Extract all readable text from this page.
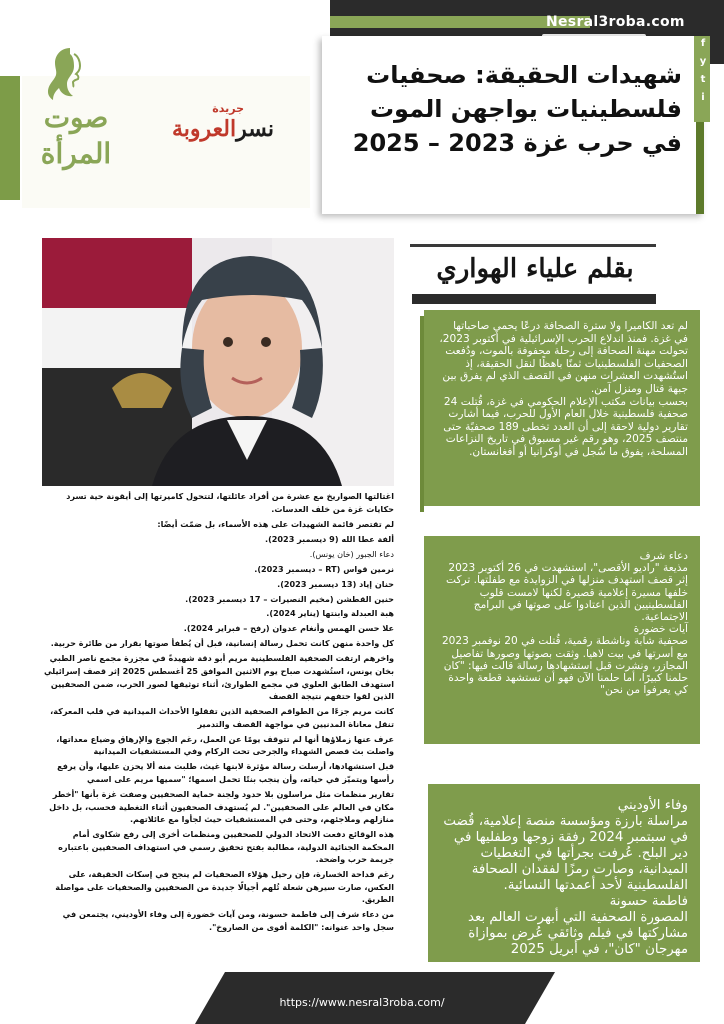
Nesral3roba.com
صوت
المرأة
جريدة
نسرالعروبة
شهيدات الحقيقة: صحفيات فلسطينيات يواجهن الموت في حرب غزة 2023 – 2025
f
y
t
i
بقلم علياء الهواري

لم تعد الكاميرا ولا سترة الصحافة درعًا يحمي صاحباتها في غزة. فمنذ اندلاع الحرب الإسرائيلية في أكتوبر 2023، تحولت مهنة الصحافة إلى رحلة محفوفة بالموت، ودُفعت الصحفيات الفلسطينيات ثمنًا باهظًا لنقل الحقيقة، إذ استُشهدت العشرات منهن في القصف الذي لم يفرق بين جبهة قتال ومنزل آمن.

بحسب بيانات مكتب الإعلام الحكومي في غزة، قُتلت 24 صحفية فلسطينية خلال العام الأول للحرب، فيما أشارت تقارير دولية لاحقة إلى أن العدد تخطى 189 صحفيًة حتى منتصف 2025، وهو رقم غير مسبوق في تاريخ النزاعات المسلحة، يفوق ما سُجل في أوكرانيا أو أفغانستان.

دعاء شرف

مذيعة "راديو الأقصى"، استشهدت في 26 أكتوبر 2023 إثر قصف استهدف منزلها في الزوايدة مع طفلتها. تركت خلفها مسيرة إعلامية قصيرة لكنها لامست قلوب الفلسطينيين الذين اعتادوا على صوتها في البرامج الاجتماعية.

آيات خضورة

صحفية شابة وناشطة رقمية، قُتلت في 20 نوفمبر 2023 مع أسرتها في بيت لاهيا. وثقت بصوتها وصورها تفاصيل المجازر، ونشرت قبل استشهادها رسالة قالت فيها: "كان حلمنا كبيرًا، أما حلمنا الآن فهو أن نستشهد قطعة واحدة كي يعرفوا من نحن"

وفاء الأوديني

مراسلة بارزة ومؤسسة منصة إعلامية، قُضت في سبتمبر 2024 رفقة زوجها وطفليها في دير البلح. عُرفت بجرأتها في التغطيات الميدانية، وصارت رمزًا لفقدان الصحافة الفلسطينية لأحد أعمدتها النسائية.

فاطمة حسونة

المصورة الصحفية التي أبهرت العالم بعد مشاركتها في فيلم وثائقي عُرض بموازاة مهرجان "كان"، في أبريل 2025

اغتالتها الصواريخ مع عشرة من أفراد عائلتها، لتتحول كاميرتها إلى أيقونة حية تسرد حكايات غزة من خلف العدسات.

لم تقتصر قائمة الشهيدات على هذه الأسماء، بل ضمّت أيضًا:

ألفة عطا الله (9 ديسمبر 2023).

دعاء الجبور (خان يونس).

نرمين قواس (RT – ديسمبر 2023).

حنان إياد (13 ديسمبر 2023).

حنين القطشن (مخيم النصيرات – 17 ديسمبر 2023).

هبة العبدلة وابنتها (يناير 2024).

علا حسن الهمس وأنغام عدوان (رفح – فبراير 2024).

كل واحدة منهن كانت تحمل رسالة إنسانية، قبل أن يُطفأ صوتها بقرار من طائرة حربية.

واخرهم ارتقت الصحفية الفلسطينية مريم أبو دقة شهيدةً في مجزرة مجمع ناصر الطبي بخان يونس، استُشهدت صباح يوم الاثنين الموافق 25 أغسطس 2025 إثر قصف إسرائيلي استهدف الطابق العلوي في مجمع الطوارئ، أثناء توثيقها لصور الحرب، ضمن الصحفيين الذين لقوا حتفهم نتيجة القصف

كانت مريم جزءًا من الطواقم الصحفية الذين تفقلوا الأحداث الميدانية في قلب المعركة، تنقل معاناة المدنيين في مواجهة القصف والتدمير

عرف عنها زملاؤها أنها لم تتوقف يومًا عن العمل، رغم الجوع والإرهاق وضياع معداتها، واصلت بث قصص الشهداء والجرحى تحت الركام وفي المستشفيات الميدانية

قبل استشهادها، أرسلت رسالة مؤثرة لابنها غيث، طلبت منه ألا يحزن عليها، وأن يرفع رأسها ويتميّز في حياته، وأن ينجب بنتًا تحمل اسمها؛ "سميها مريم على اسمي

تقارير منظمات مثل مراسلون بلا حدود ولجنة حماية الصحفيين وصفت غزة بأنها "أخطر مكان في العالم على الصحفيين". لم يُستهدف الصحفيون أثناء التغطية فحسب، بل داخل منازلهم وملاجئهم، وحتى في المستشفيات حيث لجأوا مع عائلاتهم.

هذه الوقائع دفعت الاتحاد الدولي للصحفيين ومنظمات أخرى إلى رفع شكاوى أمام المحكمة الجنائية الدولية، مطالبة بفتح تحقيق رسمي في استهداف الصحفيين باعتباره جريمة حرب واضحة.

رغم فداحة الخسارة، فإن رحيل هؤلاء الصحفيات لم ينجح في إسكات الحقيقة، على العكس، صارت سيرهن شعلة تُلهم أجيالًا جديدة من الصحفيين والصحفيات على مواصلة الطريق.

من دعاء شرف إلى فاطمة حسونة، ومن آيات خضورة إلى وفاء الأوديني، يجتمعن في سجل واحد عنوانه: "الكلمة أقوى من الصاروخ".

https://www.nesral3roba.com/
